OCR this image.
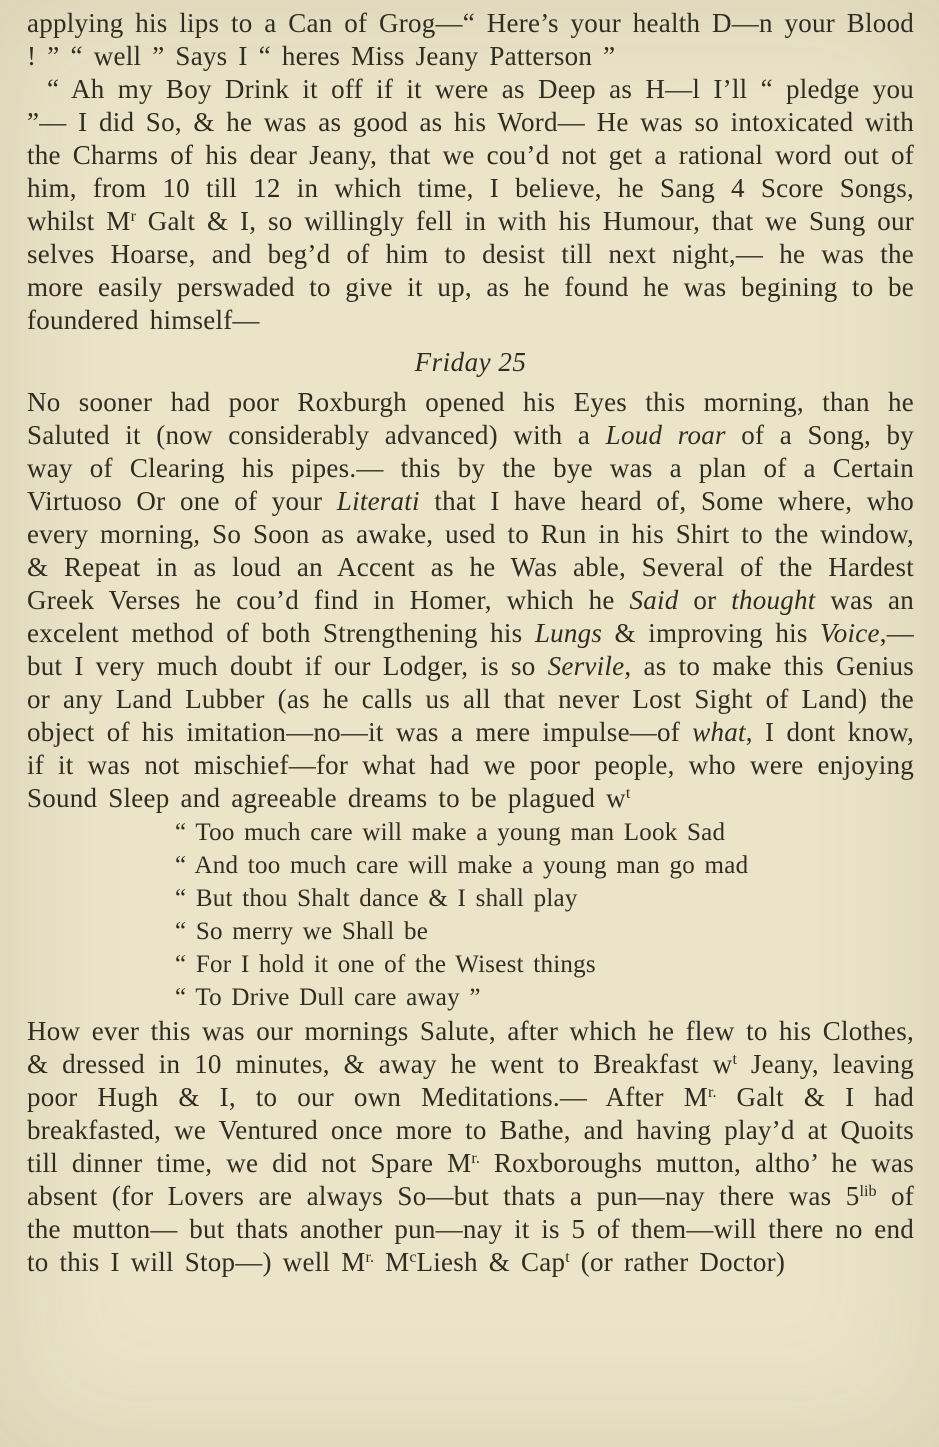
applying his lips to a Can of Grog—“ Here’s your health D—n your Blood ! ” “ well ” Says I “ heres Miss Jeany Patterson ”

“ Ah my Boy Drink it off if it were as Deep as H—l I’ll “ pledge you ”— I did So, & he was as good as his Word— He was so intoxicated with the Charms of his dear Jeany, that we cou’d not get a rational word out of him, from 10 till 12 in which time, I believe, he Sang 4 Score Songs, whilst $M^r$ Galt & I, so willingly fell in with his Humour, that we Sung our selves Hoarse, and beg’d of him to desist till next night,— he was the more easily perswaded to give it up, as he found he was begining to be foundered himself—

Friday 25

No sooner had poor Roxburgh opened his Eyes this morning, than he Saluted it (now considerably advanced) with a Loud roar of a Song, by way of Clearing his pipes.— this by the bye was a plan of a Certain Virtuoso Or one of your Literati that I have heard of, Some where, who every morning, So Soon as awake, used to Run in his Shirt to the window, & Repeat in as loud an Accent as he Was able, Several of the Hardest Greek Verses he cou’d find in Homer, which he Said or thought was an excelent method of both Strengthening his Lungs & improving his Voice,— but I very much doubt if our Lodger, is so Servile, as to make this Genius or any Land Lubber (as he calls us all that never Lost Sight of Land) the object of his imitation—no—it was a mere impulse—of what, I dont know, if it was not mischief—for what had we poor people, who were enjoying Sound Sleep and agreeable dreams to be plagued $w^t$

“ Too much care will make a young man Look Sad
“ And too much care will make a young man go mad
“ But thou Shalt dance & I shall play
“ So merry we Shall be
“ For I hold it one of the Wisest things
“ To Drive Dull care away ”

How ever this was our mornings Salute, after which he flew to his Clothes, & dressed in 10 minutes, & away he went to Breakfast $w^t$ Jeany, leaving poor Hugh & I, to our own Meditations.— After $M^{r.}$ Galt & I had breakfasted, we Ventured once more to Bathe, and having play’d at Quoits till dinner time, we did not Spare $M^{r.}$ Roxboroughs mutton, altho’ he was absent (for Lovers are always So—but thats a pun—nay there was $5^{lib}$ of the mutton— but thats another pun—nay it is 5 of them—will there no end to this I will Stop—) well $M^{r.}$ $M^cLiesh$ & Cap$^t$ (or rather Doctor)
